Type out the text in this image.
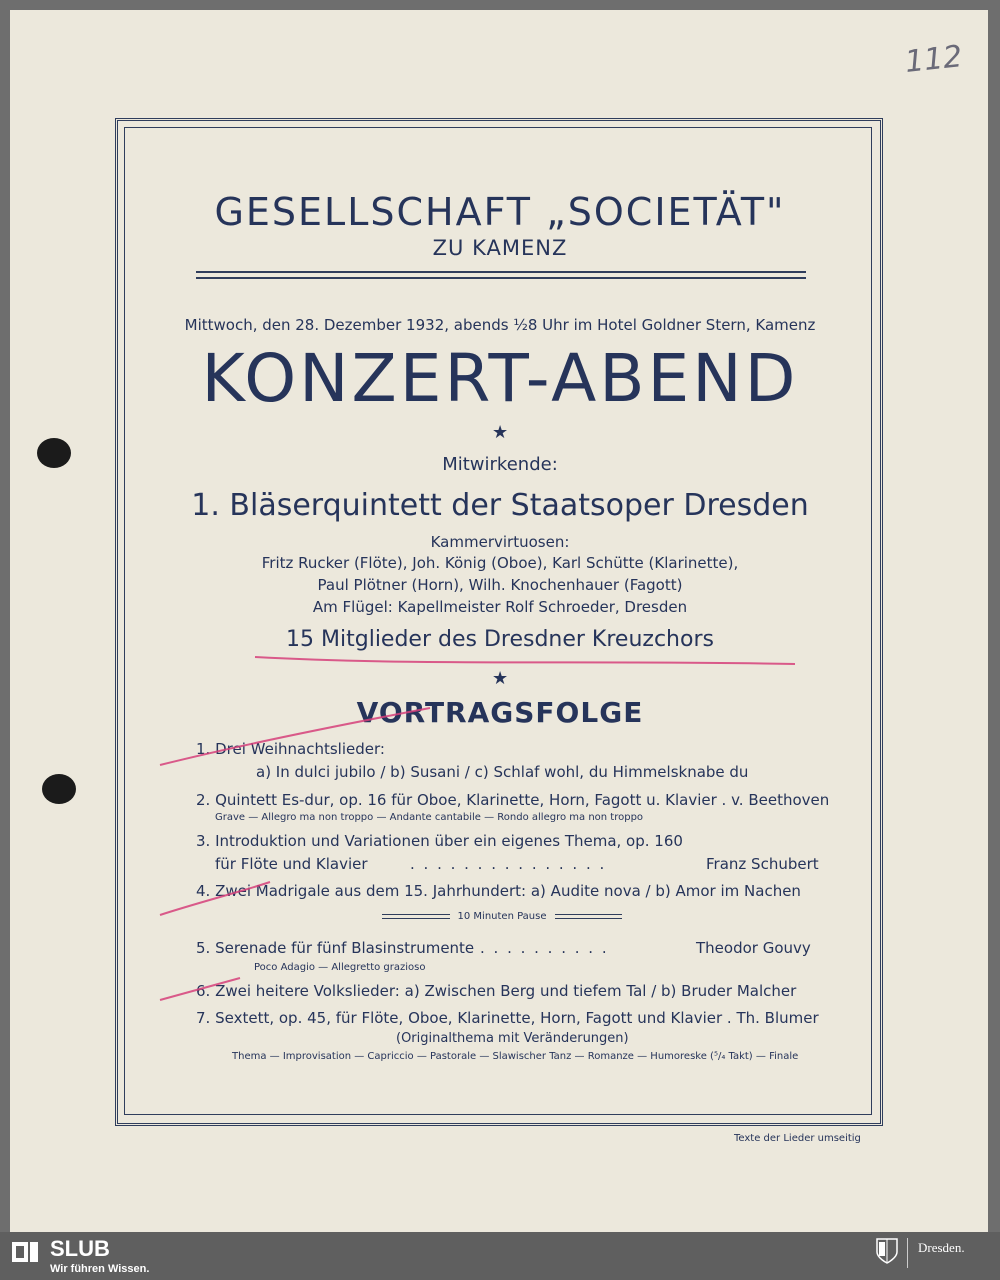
112
GESELLSCHAFT „SOCIETÄT"
ZU KAMENZ
Mittwoch, den 28. Dezember 1932, abends ½8 Uhr im Hotel Goldner Stern, Kamenz
KONZERT-ABEND
★
Mitwirkende:
1. Bläserquintett der Staatsoper Dresden
Kammervirtuosen:
Fritz Rucker (Flöte), Joh. König (Oboe), Karl Schütte (Klarinette),
Paul Plötner (Horn), Wilh. Knochenhauer (Fagott)
Am Flügel: Kapellmeister Rolf Schroeder, Dresden
15 Mitglieder des Dresdner Kreuzchors
★
VORTRAGSFOLGE
1. Drei Weihnachtslieder:
a) In dulci jubilo / b) Susani / c) Schlaf wohl, du Himmelsknabe du
2. Quintett Es-dur, op. 16 für Oboe, Klarinette, Horn, Fagott u. Klavier . v. Beethoven
Grave — Allegro ma non troppo — Andante cantabile — Rondo allegro ma non troppo
3. Introduktion und Variationen über ein eigenes Thema, op. 160
für Flöte und Klavier	. . . . . . . . . . . . . . .	Franz Schubert
4. Zwei Madrigale aus dem 15. Jahrhundert: a) Audite nova / b) Amor im Nachen
10 Minuten Pause
5. Serenade für fünf Blasinstrumente . . . . . . . . . .	Theodor Gouvy
Poco Adagio — Allegretto grazioso
6. Zwei heitere Volkslieder: a) Zwischen Berg und tiefem Tal / b) Bruder Malcher
7. Sextett, op. 45, für Flöte, Oboe, Klarinette, Horn, Fagott und Klavier . Th. Blumer
(Originalthema mit Veränderungen)
Thema — Improvisation — Capriccio — Pastorale — Slawischer Tanz — Romanze — Humoreske (⁵/₄ Takt) — Finale
Texte der Lieder umseitig
SLUB
Wir führen Wissen.
Dresden.
